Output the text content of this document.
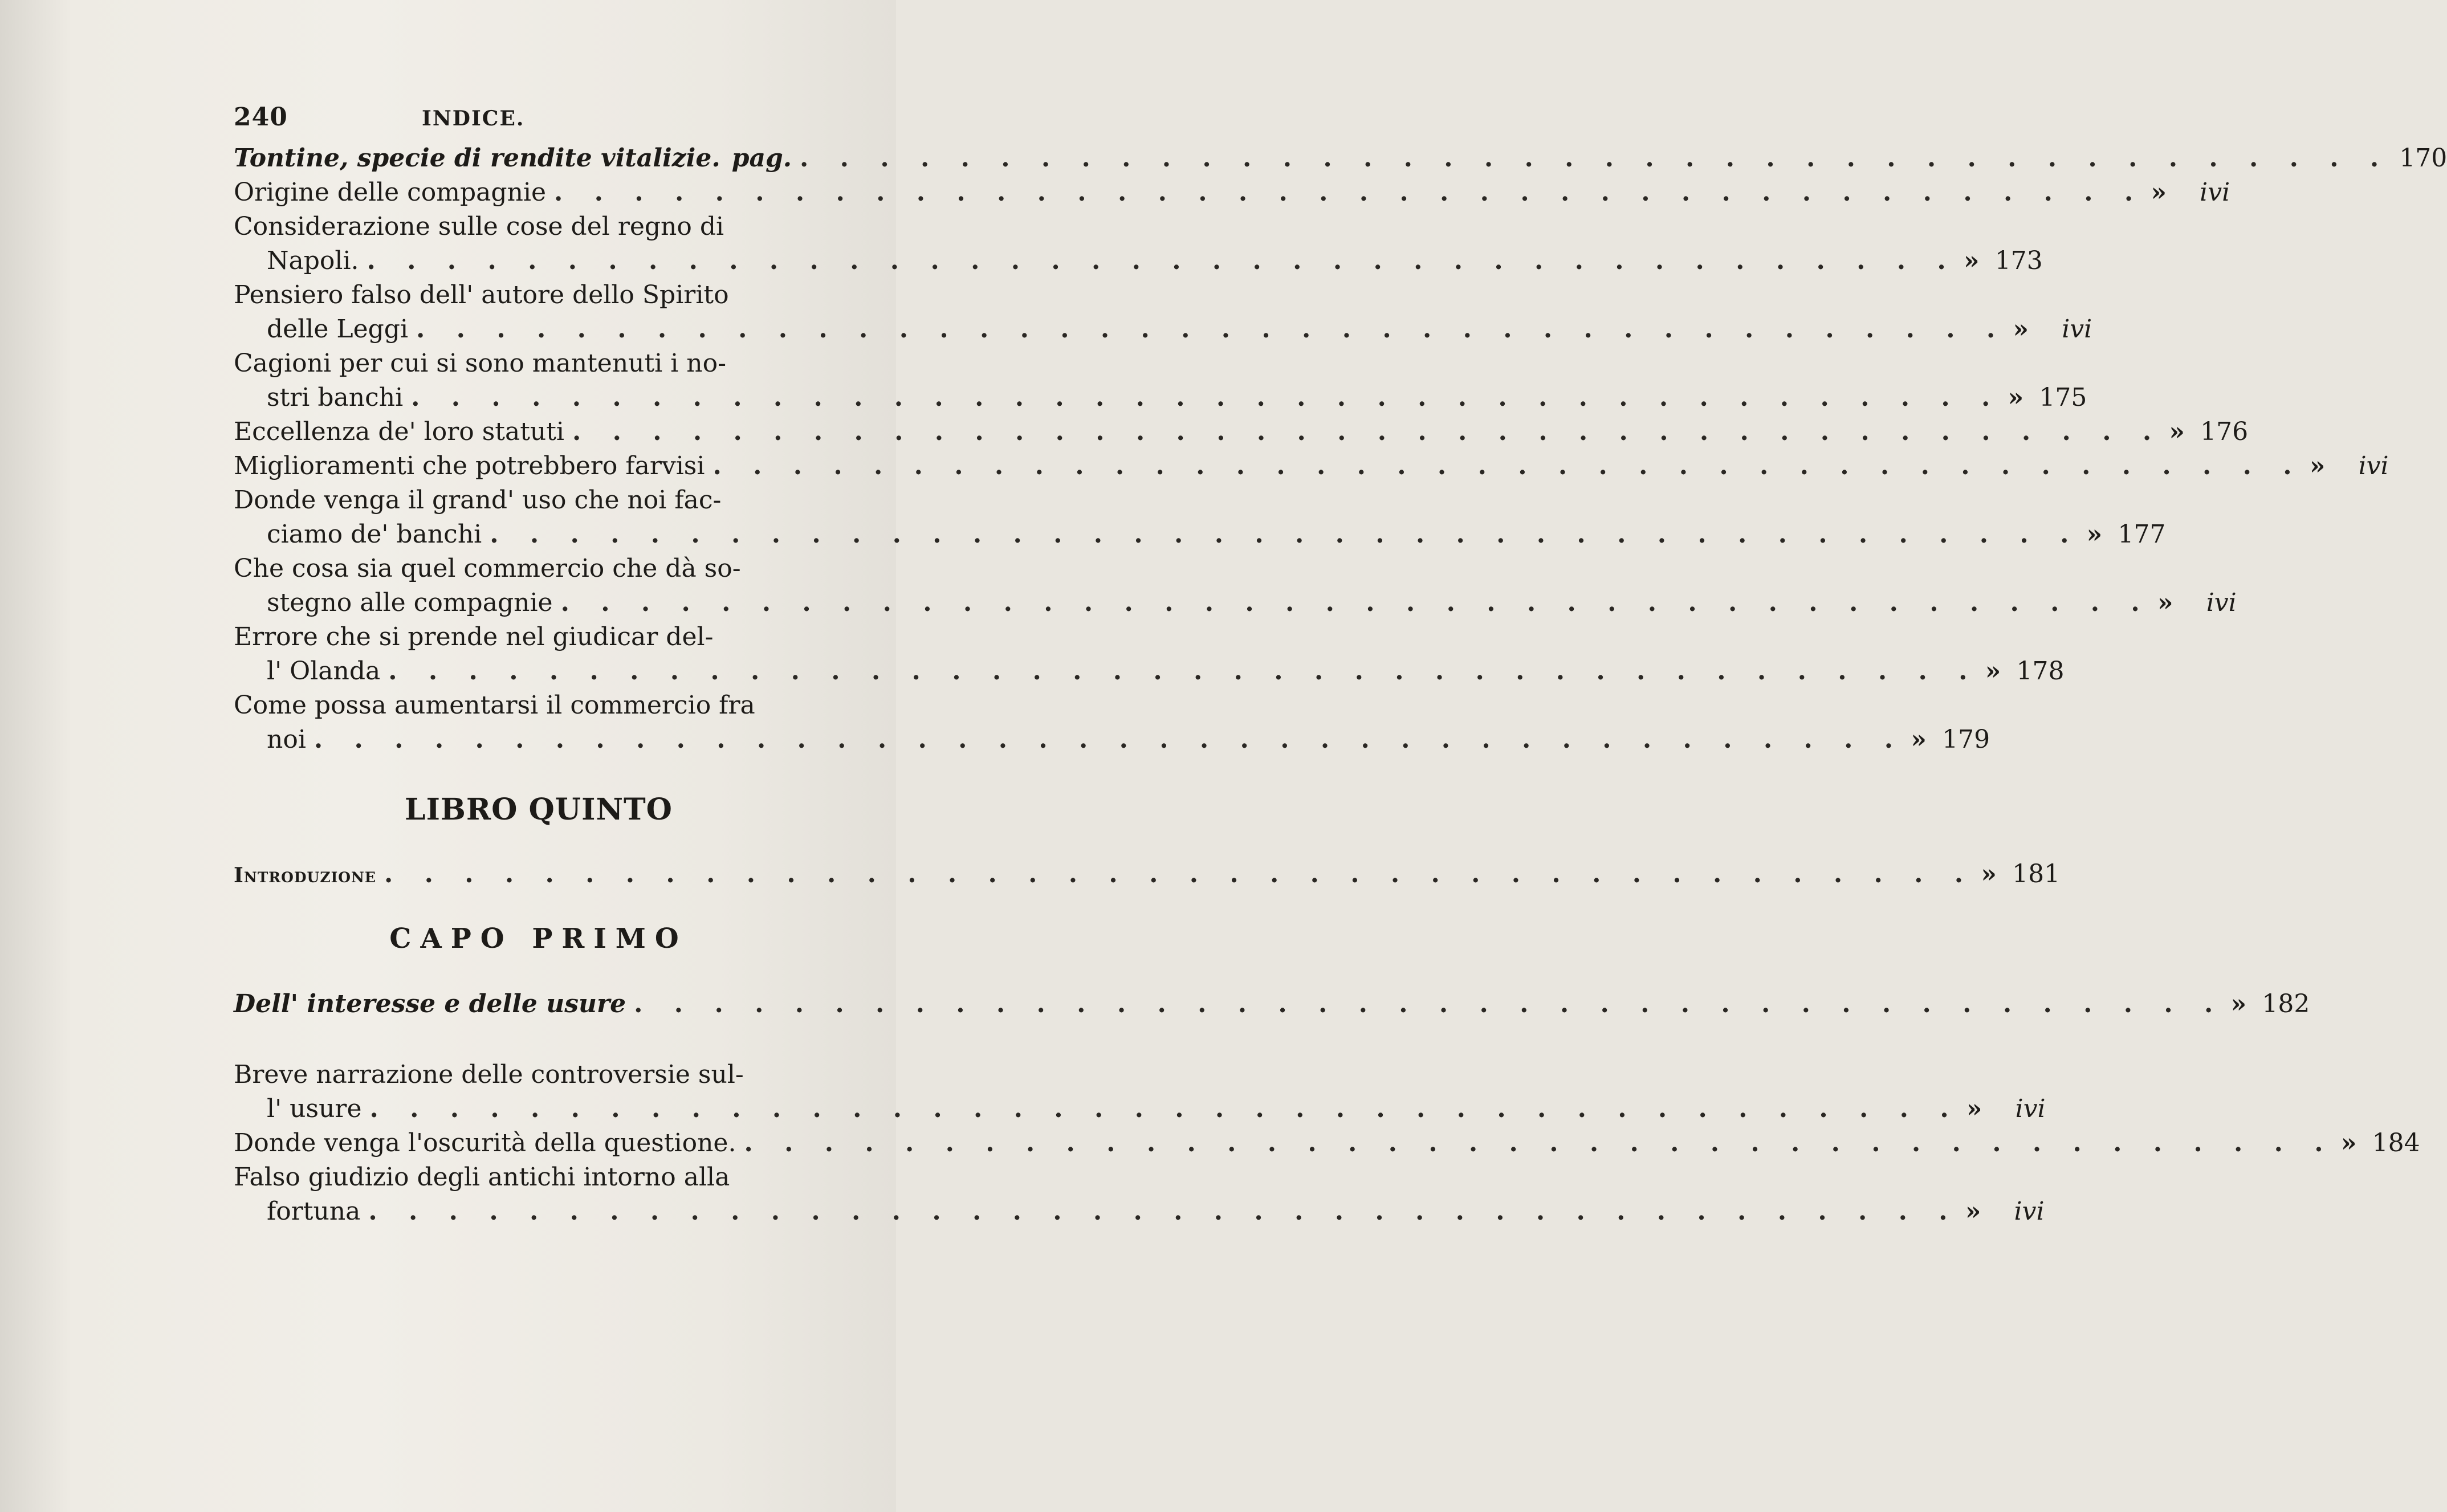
240	INDICE.
Tontine, specie di rendite vitalizie. pag. . . . . . . . . . . . . . . . . . . . . . . . . . . . . . . . . . . . . . . . . 170
Origine delle compagnie . . . . . . . . . . . . . . . . . . . . . . . . . . . . . . . . . . . . . . . . »	ivi
Considerazione sulle cose del regno di
Napoli. . . . . . . . . . . . . . . . . . . . . . . . . . . . . . . . . . . . . . . . . » 173
Pensiero falso dell' autore dello Spirito
delle Leggi . . . . . . . . . . . . . . . . . . . . . . . . . . . . . . . . . . . . . . . . »	ivi
Cagioni per cui si sono mantenuti i no-
stri banchi . . . . . . . . . . . . . . . . . . . . . . . . . . . . . . . . . . . . . . . . » 175
Eccellenza de' loro statuti . . . . . . . . . . . . . . . . . . . . . . . . . . . . . . . . . . . . . . . . » 176
Miglioramenti che potrebbero farvisi . . . . . . . . . . . . . . . . . . . . . . . . . . . . . . . . . . . . . . . . »	ivi
Donde venga il grand' uso che noi fac-
ciamo de' banchi . . . . . . . . . . . . . . . . . . . . . . . . . . . . . . . . . . . . . . . . » 177
Che cosa sia quel commercio che dà so-
stegno alle compagnie . . . . . . . . . . . . . . . . . . . . . . . . . . . . . . . . . . . . . . . . »	ivi
Errore che si prende nel giudicar del-
l' Olanda . . . . . . . . . . . . . . . . . . . . . . . . . . . . . . . . . . . . . . . . » 178
Come possa aumentarsi il commercio fra
noi . . . . . . . . . . . . . . . . . . . . . . . . . . . . . . . . . . . . . . . . » 179
LIBRO QUINTO
Introduzione . . . . . . . . . . . . . . . . . . . . . . . . . . . . . . . . . . . . . . . . » 181
CAPO PRIMO
Dell' interesse e delle usure . . . . . . . . . . . . . . . . . . . . . . . . . . . . . . . . . . . . . . . . » 182
Breve narrazione delle controversie sul-
l' usure . . . . . . . . . . . . . . . . . . . . . . . . . . . . . . . . . . . . . . . . »	ivi
Donde venga l'oscurità della questione. . . . . . . . . . . . . . . . . . . . . . . . . . . . . . . . . . . . . . . . . » 184
Falso giudizio degli antichi intorno alla
fortuna . . . . . . . . . . . . . . . . . . . . . . . . . . . . . . . . . . . . . . . . »	ivi
